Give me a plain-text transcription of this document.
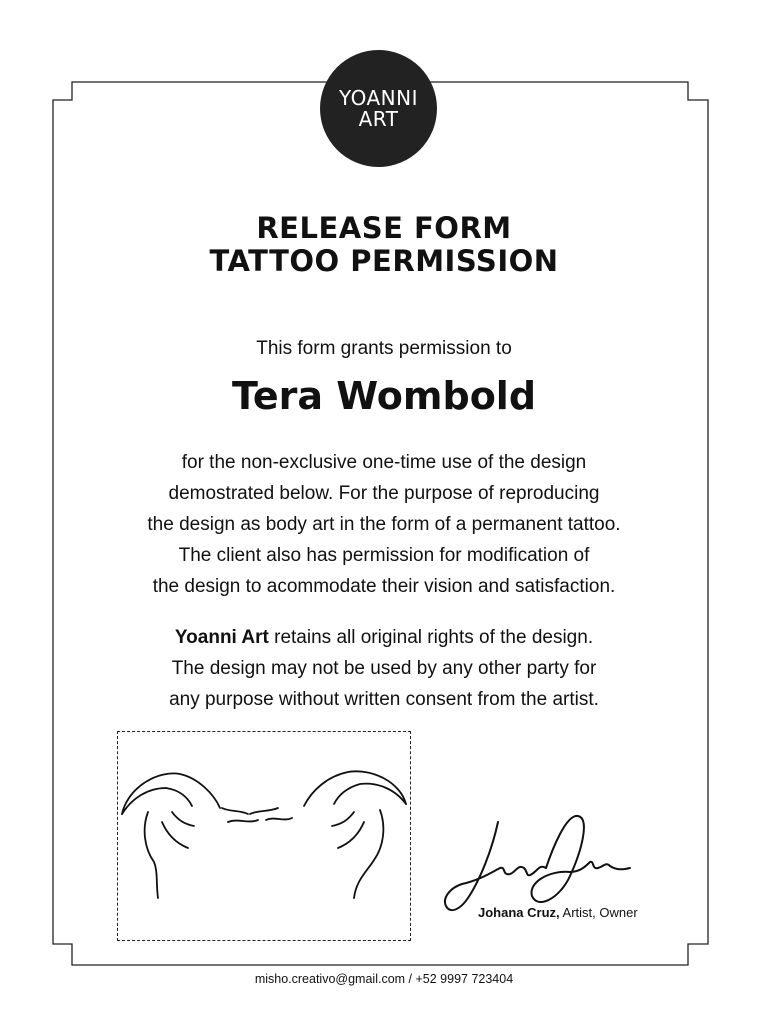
YOANNI
ART
RELEASE FORM
TATTOO PERMISSION
This form grants permission to
Tera Wombold
for the non-exclusive one-time use of the design
demostrated below. For the purpose of reproducing
the design as body art in the form of a permanent tattoo.
The client also has permission for modification of
the design to acommodate their vision and satisfaction.
Yoanni Art retains all original rights of the design.
The design may not be used by any other party for
any purpose without written consent from the artist.
Johana Cruz, Artist, Owner
misho.creativo@gmail.com / +52 9997 723404
